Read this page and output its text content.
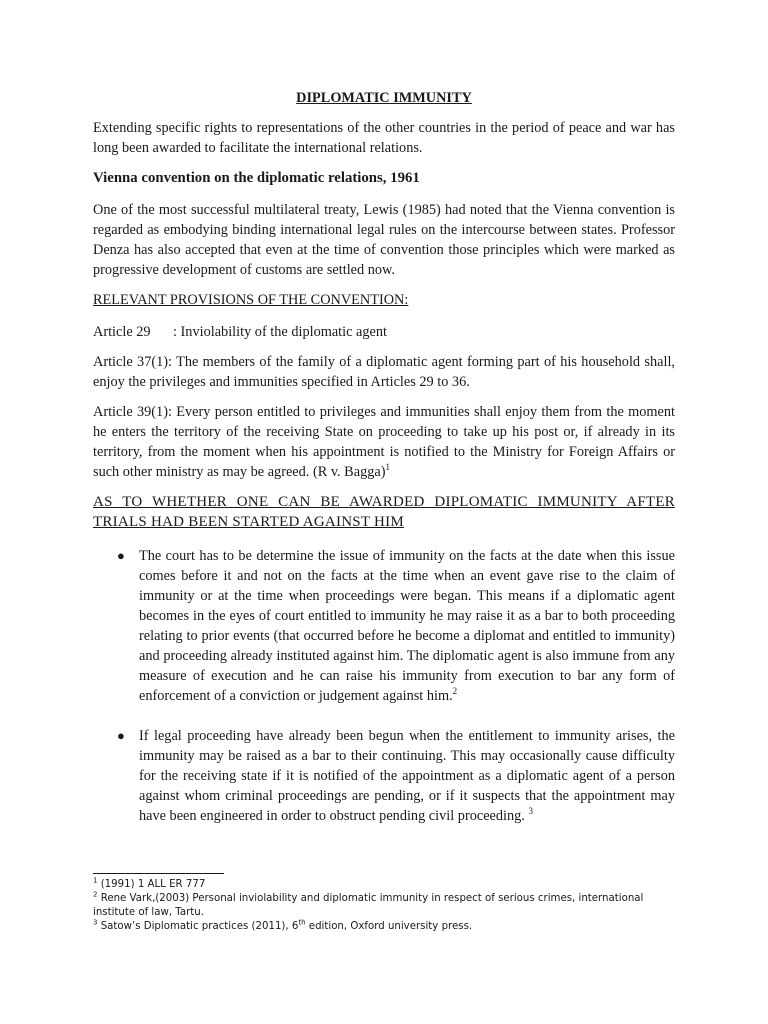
DIPLOMATIC IMMUNITY

Extending specific rights to representations of the other countries in the period of peace and war has long been awarded to facilitate the international relations.

Vienna convention on the diplomatic relations, 1961

One of the most successful multilateral treaty, Lewis (1985) had noted that the Vienna convention is regarded as embodying binding international legal rules on the intercourse between states. Professor Denza has also accepted that even at the time of convention those principles which were marked as progressive development of customs are settled now.

RELEVANT PROVISIONS OF THE CONVENTION:

Article 29 : Inviolability of the diplomatic agent

Article 37(1): The members of the family of a diplomatic agent forming part of his household shall, enjoy the privileges and immunities specified in Articles 29 to 36.

Article 39(1): Every person entitled to privileges and immunities shall enjoy them from the moment he enters the territory of the receiving State on proceeding to take up his post or, if already in its territory, from the moment when his appointment is notified to the Ministry for Foreign Affairs or such other ministry as may be agreed. (R v. Bagga)$^1$

AS TO WHETHER ONE CAN BE AWARDED DIPLOMATIC IMMUNITY AFTER TRIALS HAD BEEN STARTED AGAINST HIM

● The court has to be determine the issue of immunity on the facts at the date when this issue comes before it and not on the facts at the time when an event gave rise to the claim of immunity or at the time when proceedings were began. This means if a diplomatic agent becomes in the eyes of court entitled to immunity he may raise it as a bar to both proceeding relating to prior events (that occurred before he become a diplomat and entitled to immunity) and proceeding already instituted against him. The diplomatic agent is also immune from any measure of execution and he can raise his immunity from execution to bar any form of enforcement of a conviction or judgement against him.$^2$
● If legal proceeding have already been begun when the entitlement to immunity arises, the immunity may be raised as a bar to their continuing. This may occasionally cause difficulty for the receiving state if it is notified of the appointment as a diplomatic agent of a person against whom criminal proceedings are pending, or if it suspects that the appointment may have been engineered in order to obstruct pending civil proceeding. $^3$
$^1$ (1991) 1 ALL ER 777
$^2$ Rene Vark,(2003) Personal inviolability and diplomatic immunity in respect of serious crimes, international institute of law, Tartu.
$^3$ Satow’s Diplomatic practices (2011), 6th edition, Oxford university press.
